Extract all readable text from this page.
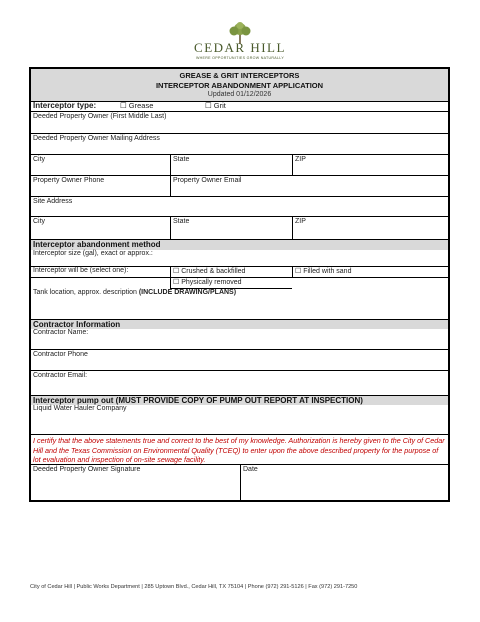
CEDAR HILL
WHERE OPPORTUNITIES GROW NATURALLY
GREASE & GRIT INTERCEPTORS
INTERCEPTOR ABANDONMENT APPLICATION
Updated 01/12/2026
Interceptor type:	☐ Grease	☐ Grit
Deeded Property Owner (First Middle Last)
Deeded Property Owner Mailing Address
City	State	ZIP
Property Owner Phone	Property Owner Email
Site Address
City	State	ZIP
Interceptor abandonment method
Interceptor size (gal), exact or approx.:
Interceptor will be (select one):	☐ Crushed & backfilled	☐ Filled with sand
☐ Physically removed
Tank location, approx. description (INCLUDE DRAWING/PLANS)
Contractor Information
Contractor Name:
Contractor Phone
Contractor Email:
Interceptor pump out (MUST PROVIDE COPY OF PUMP OUT REPORT AT INSPECTION)
Liquid Water Hauler Company
I certify that the above statements true and correct to the best of my knowledge. Authorization is hereby given to the City of Cedar Hill and the Texas Commission on Environmental Quality (TCEQ) to enter upon the above described property for the purpose of lot evaluation and inspection of on-site sewage facility.
Deeded Property Owner Signature	Date
City of Cedar Hill | Public Works Department | 285 Uptown Blvd., Cedar Hill, TX 75104 | Phone (972) 291-5126 | Fax (972) 291-7250
